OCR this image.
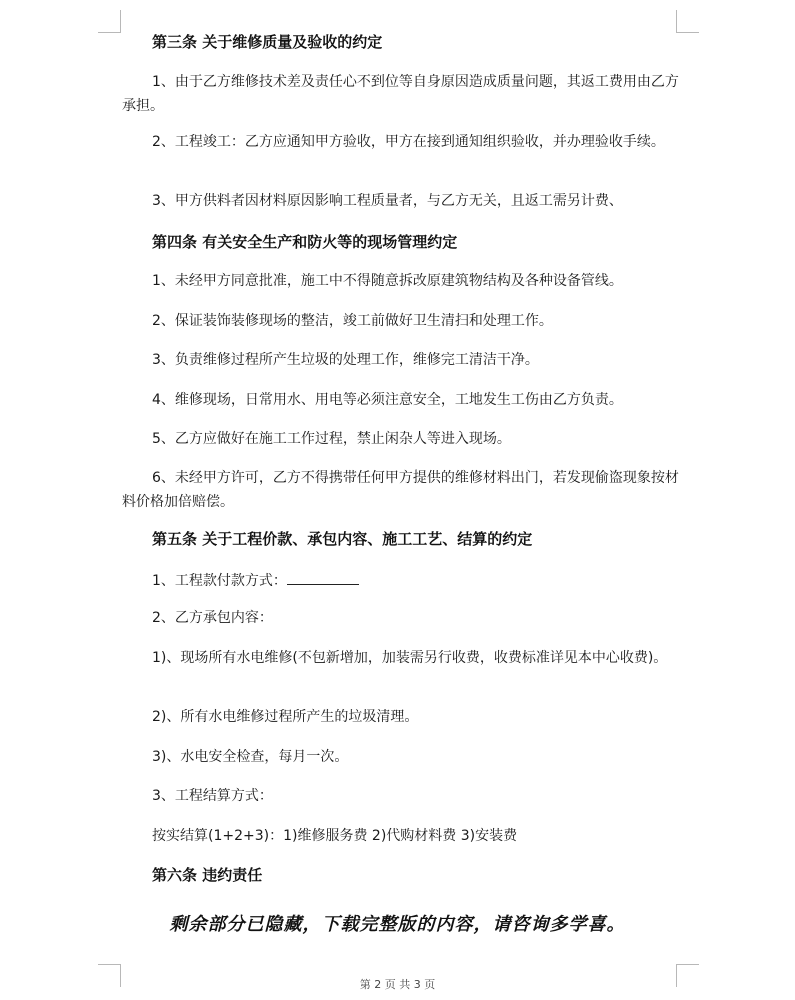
第三条 关于维修质量及验收的约定
1、由于乙方维修技术差及责任心不到位等自身原因造成质量问题，其返工费用由乙方承担。
2、工程竣工：乙方应通知甲方验收，甲方在接到通知组织验收，并办理验收手续。
3、甲方供料者因材料原因影响工程质量者，与乙方无关，且返工需另计费、
第四条 有关安全生产和防火等的现场管理约定
1、未经甲方同意批准，施工中不得随意拆改原建筑物结构及各种设备管线。
2、保证装饰装修现场的整洁，竣工前做好卫生清扫和处理工作。
3、负责维修过程所产生垃圾的处理工作，维修完工清洁干净。
4、维修现场，日常用水、用电等必须注意安全，工地发生工伤由乙方负责。
5、乙方应做好在施工工作过程，禁止闲杂人等进入现场。
6、未经甲方许可，乙方不得携带任何甲方提供的维修材料出门，若发现偷盗现象按材料价格加倍赔偿。
第五条 关于工程价款、承包内容、施工工艺、结算的约定
1、工程款付款方式：
2、乙方承包内容：
1)、现场所有水电维修(不包新增加，加装需另行收费，收费标准详见本中心收费)。
2)、所有水电维修过程所产生的垃圾清理。
3)、水电安全检查，每月一次。
3、工程结算方式：
按实结算(1+2+3)：1)维修服务费 2)代购材料费 3)安装费
第六条 违约责任
剩余部分已隐藏，下载完整版的内容，请咨询多学喜。
第 2 页 共 3 页
